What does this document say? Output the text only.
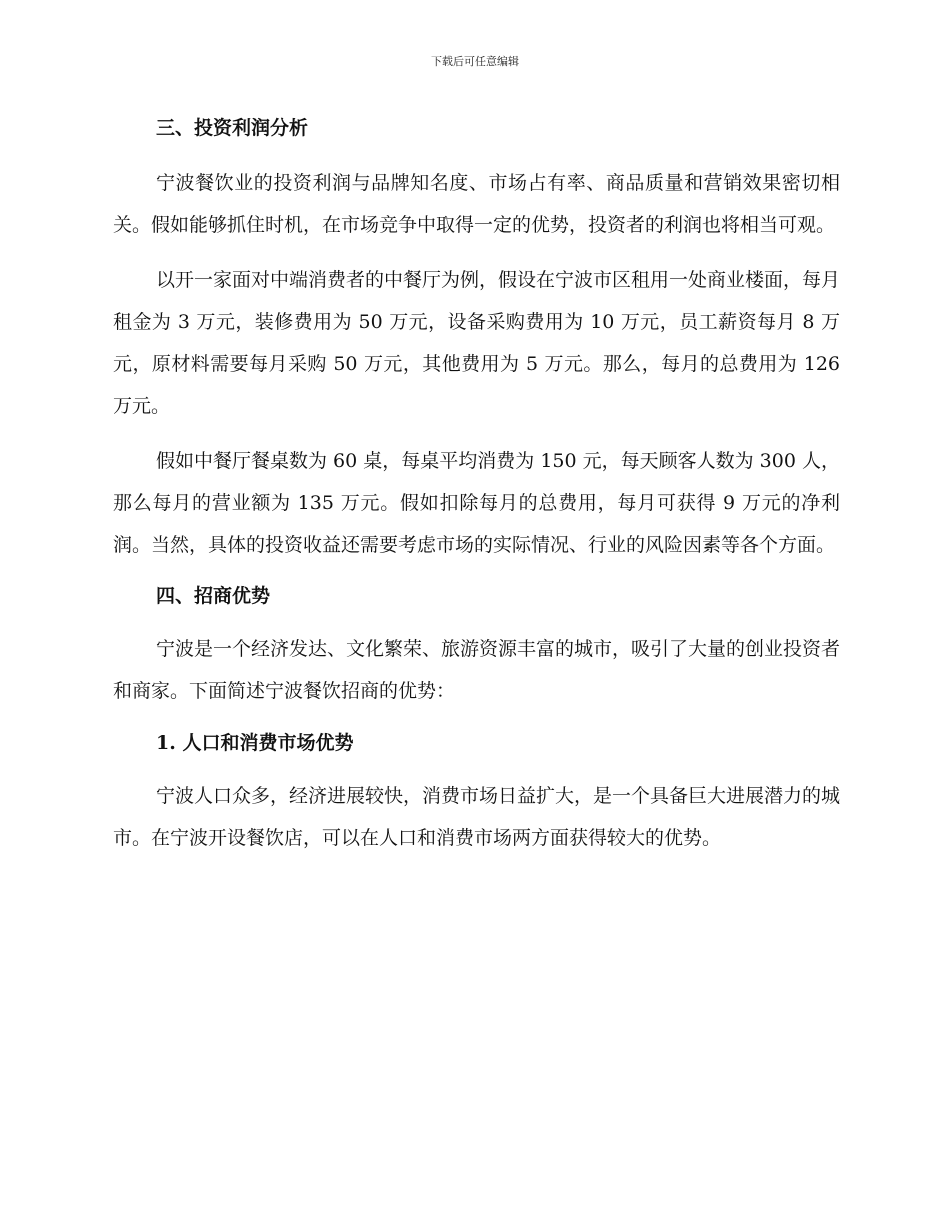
下载后可任意编辑
三、投资利润分析

宁波餐饮业的投资利润与品牌知名度、市场占有率、商品质量和营销效果密切相关。假如能够抓住时机，在市场竞争中取得一定的优势，投资者的利润也将相当可观。

以开一家面对中端消费者的中餐厅为例，假设在宁波市区租用一处商业楼面，每月租金为 3 万元，装修费用为 50 万元，设备采购费用为 10 万元，员工薪资每月 8 万元，原材料需要每月采购 50 万元，其他费用为 5 万元。那么，每月的总费用为 126 万元。

假如中餐厅餐桌数为 60 桌，每桌平均消费为 150 元，每天顾客人数为 300 人，那么每月的营业额为 135 万元。假如扣除每月的总费用，每月可获得 9 万元的净利润。当然，具体的投资收益还需要考虑市场的实际情况、行业的风险因素等各个方面。

四、招商优势

宁波是一个经济发达、文化繁荣、旅游资源丰富的城市，吸引了大量的创业投资者和商家。下面简述宁波餐饮招商的优势：

1. 人口和消费市场优势

宁波人口众多，经济进展较快，消费市场日益扩大，是一个具备巨大进展潜力的城市。在宁波开设餐饮店，可以在人口和消费市场两方面获得较大的优势。
